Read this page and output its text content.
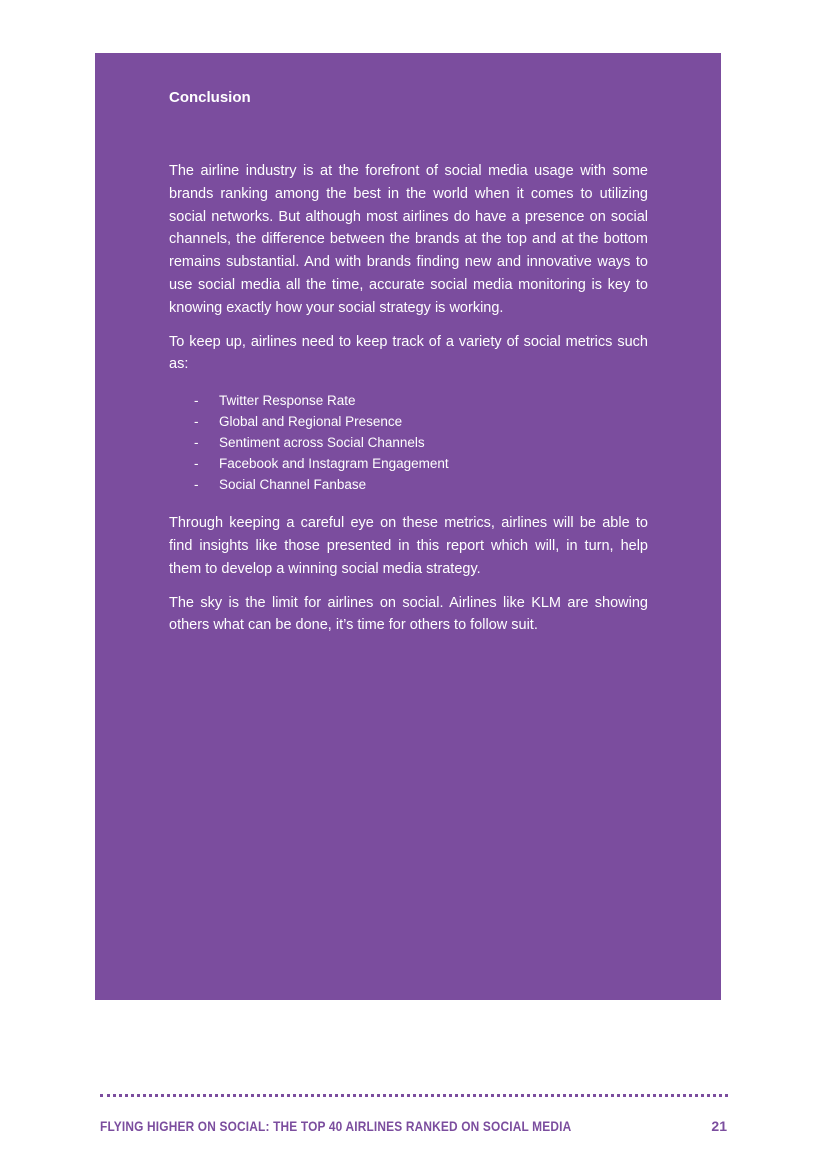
Conclusion

The airline industry is at the forefront of social media usage with some brands ranking among the best in the world when it comes to utilizing social networks. But although most airlines do have a presence on social channels, the difference between the brands at the top and at the bottom remains substantial. And with brands finding new and innovative ways to use social media all the time, accurate social media monitoring is key to knowing exactly how your social strategy is working.

To keep up, airlines need to keep track of a variety of social metrics such as:

-	Twitter Response Rate
-	Global and Regional Presence
-	Sentiment across Social Channels
-	Facebook and Instagram Engagement
-	Social Channel Fanbase

Through keeping a careful eye on these metrics, airlines will be able to find insights like those presented in this report which will, in turn, help them to develop a winning social media strategy.

The sky is the limit for airlines on social. Airlines like KLM are showing others what can be done, it’s time for others to follow suit.

FLYING HIGHER ON SOCIAL: THE TOP 40 AIRLINES RANKED ON SOCIAL MEDIA	21
